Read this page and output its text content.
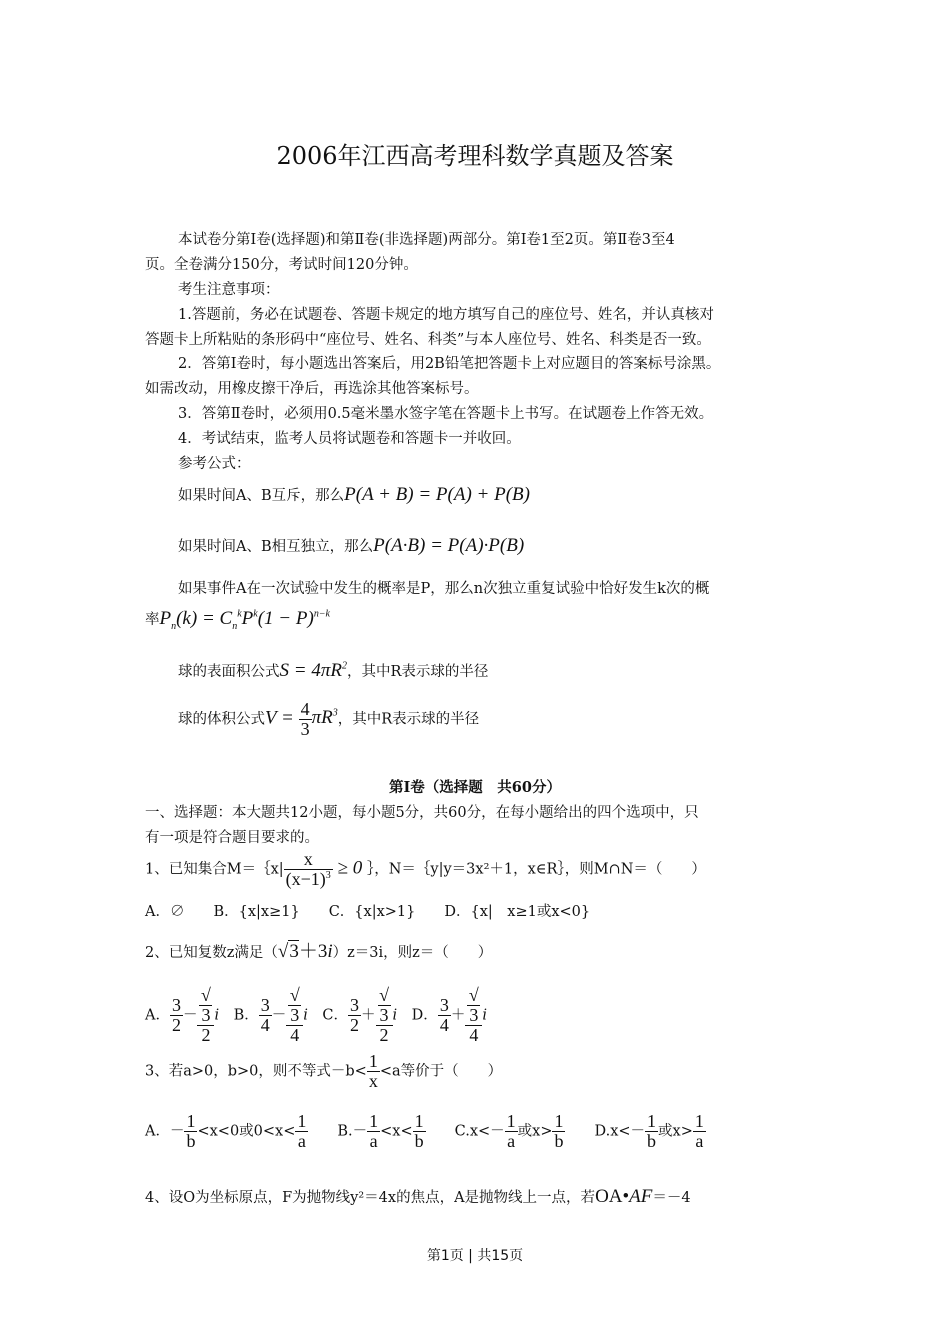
2006年江西高考理科数学真题及答案
本试卷分第Ⅰ卷(选择题)和第Ⅱ卷(非选择题)两部分。第Ⅰ卷1至2页。第Ⅱ卷3至4
页。全卷满分150分，考试时间120分钟。
考生注意事项：
1.答题前，务必在试题卷、答题卡规定的地方填写自己的座位号、姓名，并认真核对
答题卡上所粘贴的条形码中“座位号、姓名、科类”与本人座位号、姓名、科类是否一致。
2．答第Ⅰ卷时，每小题选出答案后，用2B铅笔把答题卡上对应题目的答案标号涂黑。
如需改动，用橡皮擦干净后，再选涂其他答案标号。
3．答第Ⅱ卷时，必须用0.5毫米墨水签字笔在答题卡上书写。在试题卷上作答无效。
4．考试结束，监考人员将试题卷和答题卡一并收回。
参考公式：
如果时间A、B互斥，那么P(A + B) = P(A) + P(B)
如果时间A、B相互独立，那么P(A·B) = P(A)·P(B)
如果事件A在一次试验中发生的概率是P，那么n次独立重复试验中恰好发生k次的概
率$P_n(k) = C_n^kP^k(1 - P)^{n-k}$
球的表面积公式$S = 4\pi R^2$，其中R表示球的半径
球的体积公式$V = \frac{4}{3} \pi R^3$，其中R表示球的半径
第Ⅰ卷（选择题　共60分）
一、选择题：本大题共12小题，每小题5分，共60分，在每小题给出的四个选项中，只
有一项是符合题目要求的。
1、已知集合M＝｛x| $\frac{x}{(x-1)^3} \ge 0$ ｝，N＝｛y|y＝3x²＋1，x∈R｝，则M∩N＝（　　）
A．∅　　B．{x|x≥1}　　C．{x|x>1}　　D．{x|　x≥1或x<0}
2、已知复数z满足（√3＋3i）z＝3i，则z＝（　　）
A． $\frac{3}{2}$ － √
3
2 i　B． $\frac{3}{4}$ － √
3
4 i　C． $\frac{3}{2}$ ＋ √
3
2 i　D． $\frac{3}{4}$ ＋ √
3
4 i
3、若a>0，b>0，则不等式$-b< \frac{1}{x} <a$等价于（　　）
A．－ $\frac{1}{b} <x<0$或$0<x< \frac{1}{a}$ 　　$B.- \frac{1}{a} <x< \frac{1}{b}$ 　　$C.x<- \frac{1}{a}$ 或$x> \frac{1}{b}$ 　　$D.x<- \frac{1}{b}$ 或$x> \frac{1}{a}$
4、设O为坐标原点，F为抛物线y²＝4x的焦点，A是抛物线上一点，若OA•AF＝－4
第1页 | 共15页
